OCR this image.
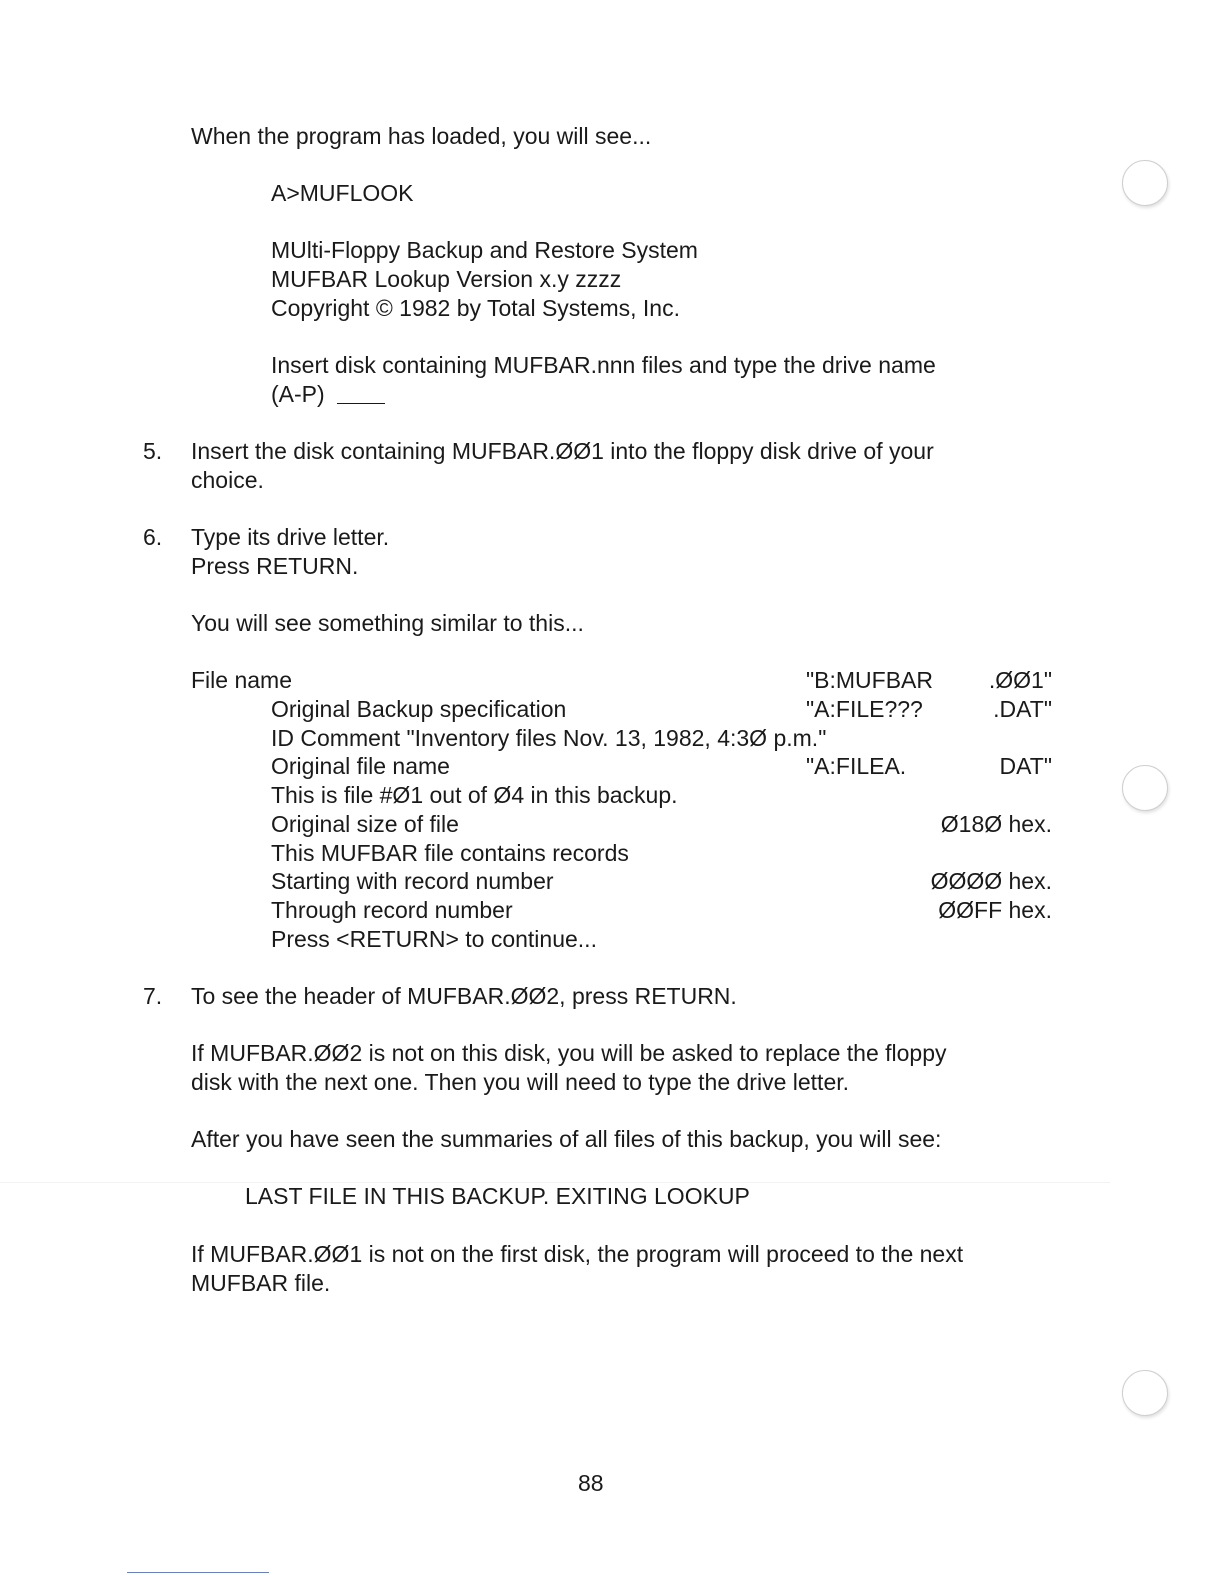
When the program has loaded, you will see...
A>MUFLOOK
MUlti-Floppy Backup and Restore System
MUFBAR Lookup Version x.y zzzz
Copyright © 1982 by Total Systems, Inc.
Insert disk containing MUFBAR.nnn files and type the drive name
(A-P)
5. Insert the disk containing MUFBAR.ØØ1 into the floppy disk drive of your
choice.
6. Type its drive letter.
Press RETURN.
You will see something similar to this...
File name	"B:MUFBAR .ØØ1"
Original Backup specification	"A:FILE???	.DAT"
ID Comment "Inventory files Nov. 13, 1982, 4:3Ø p.m."
Original file name	"A:FILEA.	DAT"
This is file #Ø1 out of Ø4 in this backup.
Original size of file	Ø18Ø hex.
This MUFBAR file contains records
Starting with record number	ØØØØ hex.
Through record number	ØØFF hex.
Press <RETURN> to continue...
7. To see the header of MUFBAR.ØØ2, press RETURN.
If MUFBAR.ØØ2 is not on this disk, you will be asked to replace the floppy
disk with the next one. Then you will need to type the drive letter.
After you have seen the summaries of all files of this backup, you will see:
LAST FILE IN THIS BACKUP. EXITING LOOKUP
If MUFBAR.ØØ1 is not on the first disk, the program will proceed to the next
MUFBAR file.
88
